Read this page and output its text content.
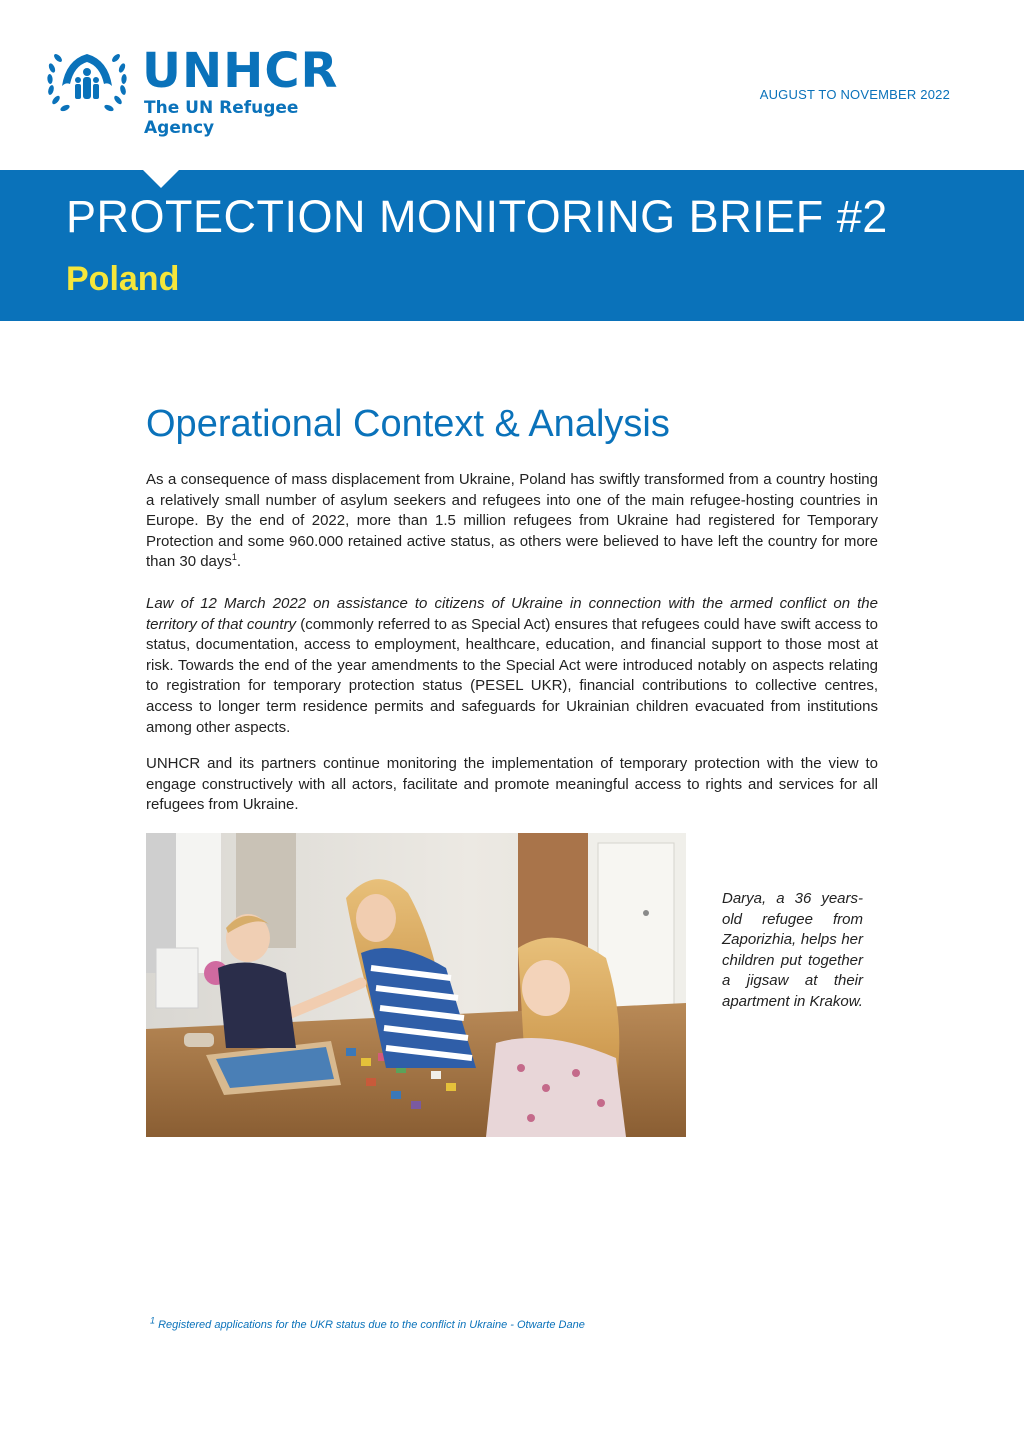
UNHCR
The UN Refugee Agency
AUGUST TO NOVEMBER 2022
PROTECTION MONITORING BRIEF #2
Poland
Operational Context & Analysis

As a consequence of mass displacement from Ukraine, Poland has swiftly transformed from a country hosting a relatively small number of asylum seekers and refugees into one of the main refugee-hosting countries in Europe. By the end of 2022, more than 1.5 million refugees from Ukraine had registered for Temporary Protection and some 960.000 retained active status, as others were believed to have left the country for more than 30 days$^1$.

Law of 12 March 2022 on assistance to citizens of Ukraine in connection with the armed conflict on the territory of that country (commonly referred to as Special Act) ensures that refugees could have swift access to status, documentation, access to employment, healthcare, education, and financial support to those most at risk. Towards the end of the year amendments to the Special Act were introduced notably on aspects relating to registration for temporary protection status (PESEL UKR), financial contributions to collective centres, access to longer term residence permits and safeguards for Ukrainian children evacuated from institutions among other aspects.

UNHCR and its partners continue monitoring the implementation of temporary protection with the view to engage constructively with all actors, facilitate and promote meaningful access to rights and services for all refugees from Ukraine.

Darya, a 36 years-old refugee from Zaporizhia, helps her children put together a jigsaw at their apartment in Krakow.

$^1$ Registered applications for the UKR status due to the conflict in Ukraine - Otwarte Dane
